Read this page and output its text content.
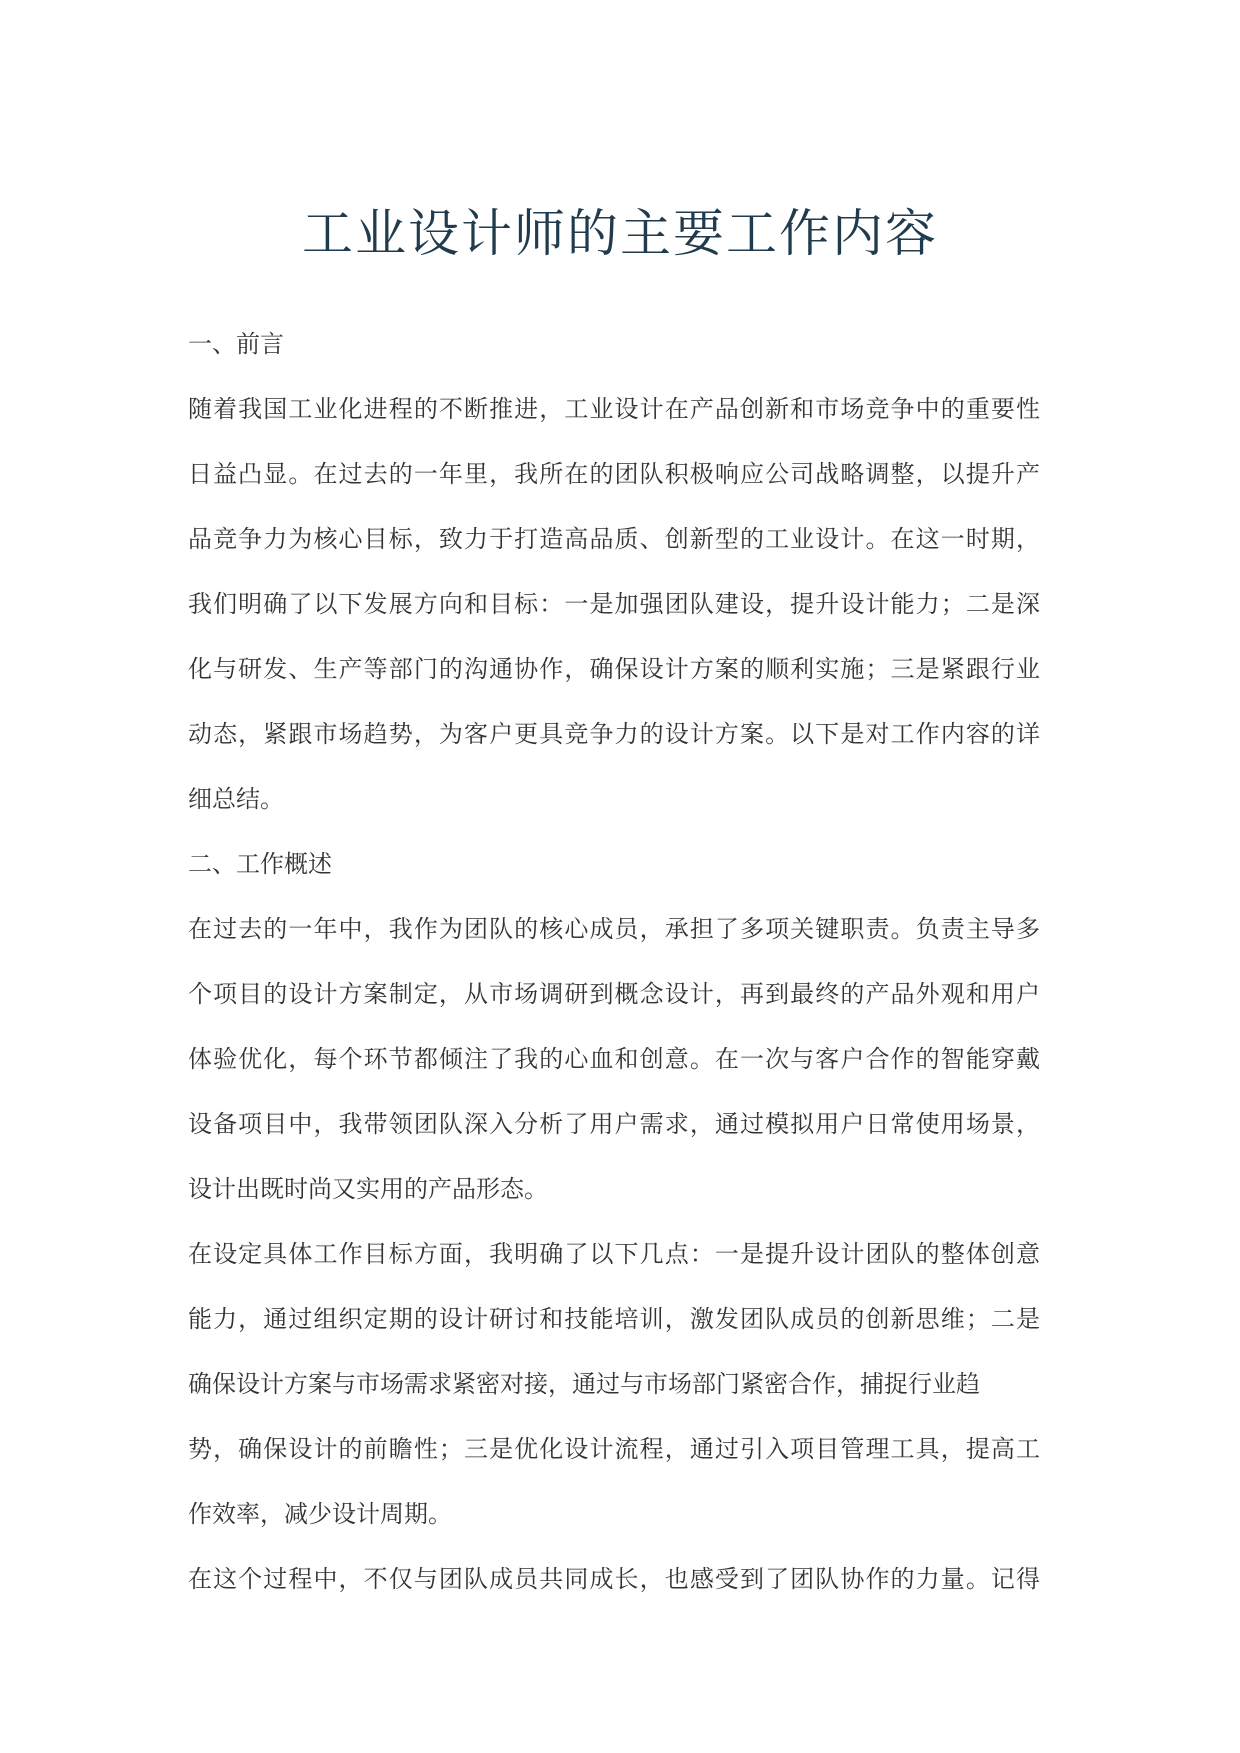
工业设计师的主要工作内容
一、前言
随着我国工业化进程的不断推进，工业设计在产品创新和市场竞争中的重要性
日益凸显。在过去的一年里，我所在的团队积极响应公司战略调整，以提升产
品竞争力为核心目标，致力于打造高品质、创新型的工业设计。在这一时期，
我们明确了以下发展方向和目标：一是加强团队建设，提升设计能力；二是深
化与研发、生产等部门的沟通协作，确保设计方案的顺利实施；三是紧跟行业
动态，紧跟市场趋势，为客户更具竞争力的设计方案。以下是对工作内容的详
细总结。
二、工作概述
在过去的一年中，我作为团队的核心成员，承担了多项关键职责。负责主导多
个项目的设计方案制定，从市场调研到概念设计，再到最终的产品外观和用户
体验优化，每个环节都倾注了我的心血和创意。在一次与客户合作的智能穿戴
设备项目中，我带领团队深入分析了用户需求，通过模拟用户日常使用场景，
设计出既时尚又实用的产品形态。
在设定具体工作目标方面，我明确了以下几点：一是提升设计团队的整体创意
能力，通过组织定期的设计研讨和技能培训，激发团队成员的创新思维；二是
确保设计方案与市场需求紧密对接，通过与市场部门紧密合作，捕捉行业趋
势，确保设计的前瞻性；三是优化设计流程，通过引入项目管理工具，提高工
作效率，减少设计周期。
在这个过程中，不仅与团队成员共同成长，也感受到了团队协作的力量。记得
